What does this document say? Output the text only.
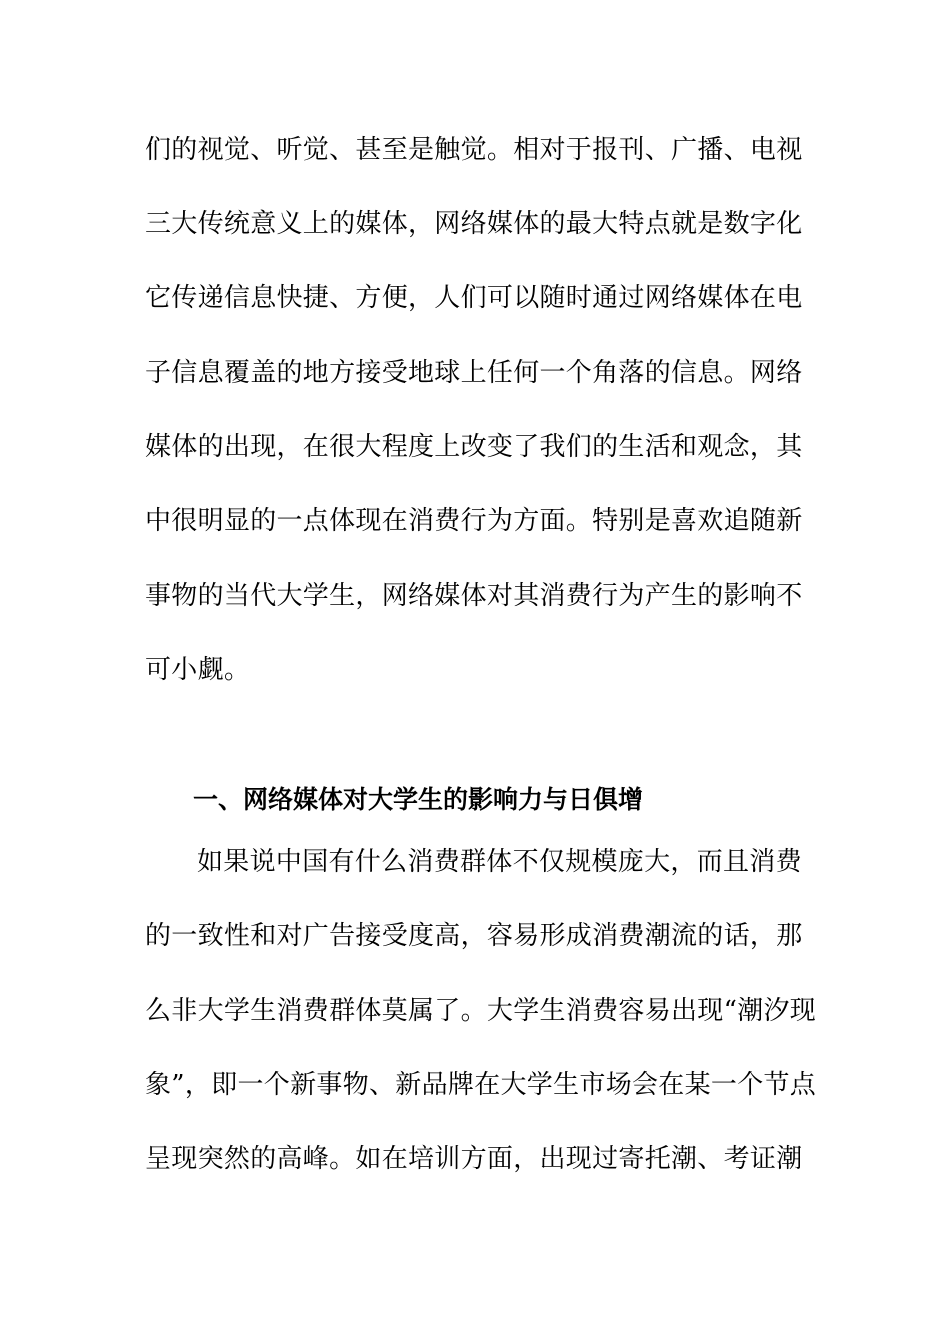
们的视觉、听觉、甚至是触觉。相对于报刊、广播、电视
三大传统意义上的媒体，网络媒体的最大特点就是数字化
它传递信息快捷、方便，人们可以随时通过网络媒体在电
子信息覆盖的地方接受地球上任何一个角落的信息。网络
媒体的出现，在很大程度上改变了我们的生活和观念，其
中很明显的一点体现在消费行为方面。特别是喜欢追随新
事物的当代大学生，网络媒体对其消费行为产生的影响不
可小觑。
一、网络媒体对大学生的影响力与日俱增
如果说中国有什么消费群体不仅规模庞大，而且消费
的一致性和对广告接受度高，容易形成消费潮流的话，那
么非大学生消费群体莫属了。大学生消费容易出现“潮汐现
象”，即一个新事物、新品牌在大学生市场会在某一个节点
呈现突然的高峰。如在培训方面，出现过寄托潮、考证潮
